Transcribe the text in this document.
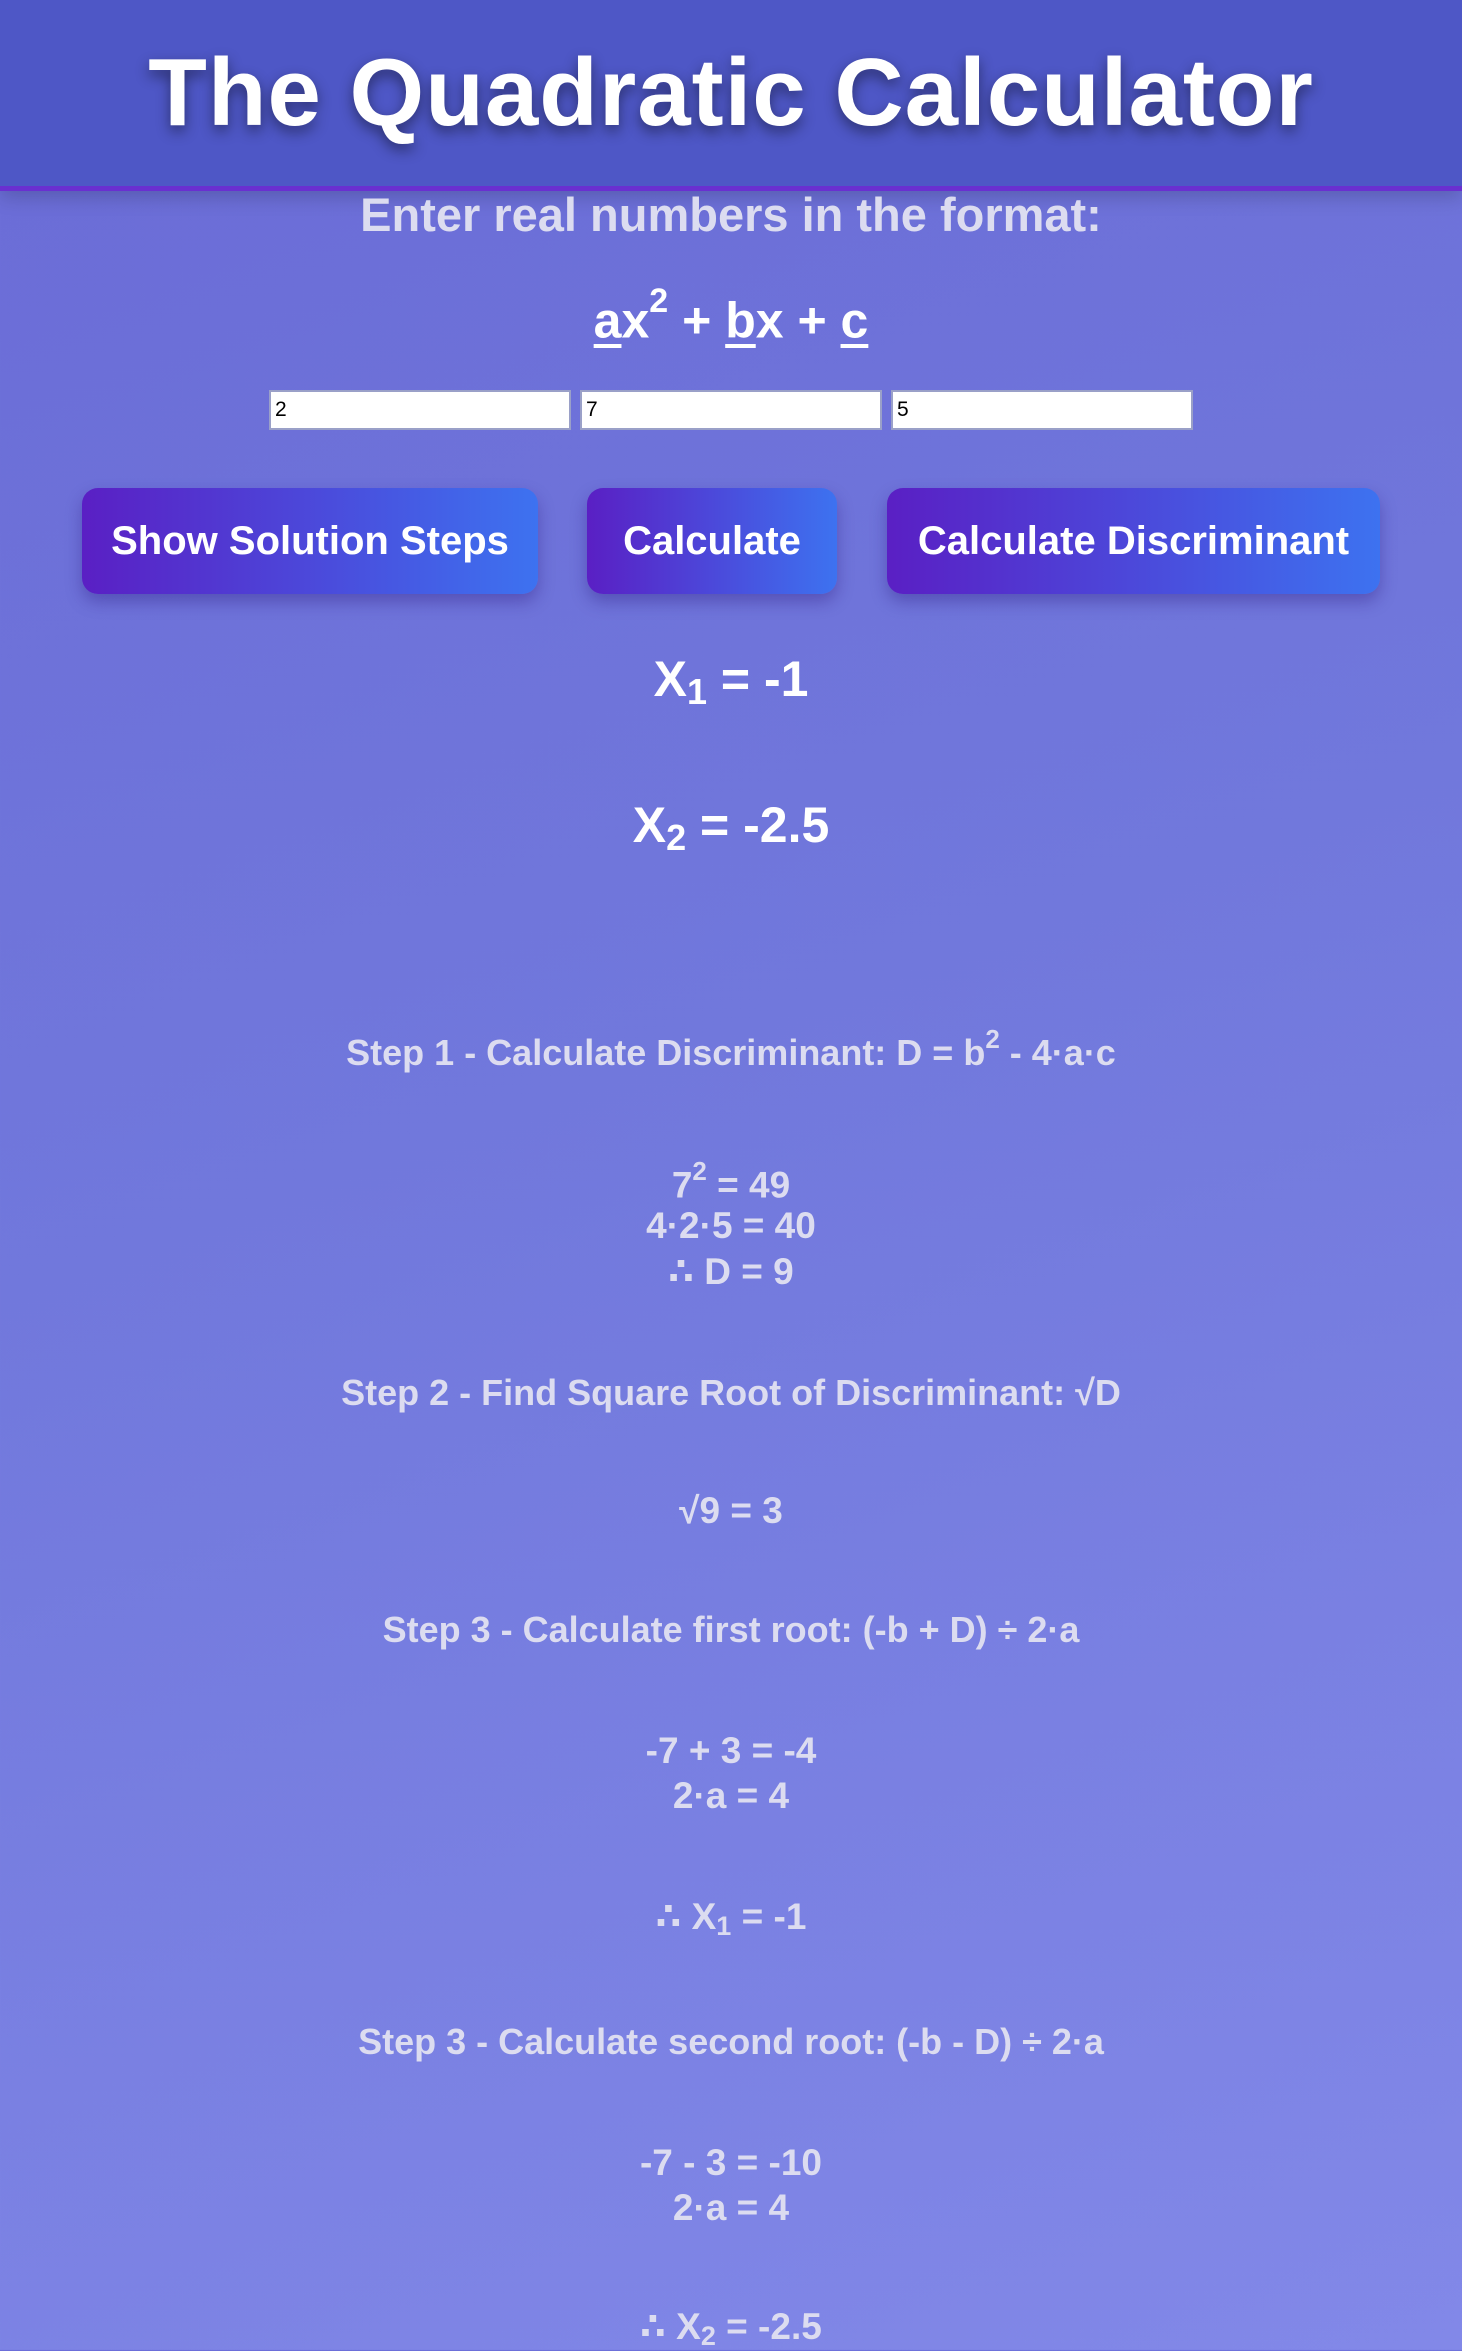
The Quadratic Calculator
Enter real numbers in the format:
$ax^2$ + bx + c
2
7
5
Show Solution Steps	Calculate	Calculate Discriminant
$X_1 = -1$
$X_2 = -2.5$
Step 1 - Calculate Discriminant: $D = b^2 - 4\cdot a\cdot c$
$7^2 = 49$
4·2·5 = 40
∴ D = 9
Step 2 - Find Square Root of Discriminant: √D
√9 = 3
Step 3 - Calculate first root: (-b + D) ÷ 2·a
-7 + 3 = -4
2·a = 4
∴ $X_1 = -1$
Step 3 - Calculate second root: (-b - D) ÷ 2·a
-7 - 3 = -10
2·a = 4
∴ $X_2 = -2.5$
